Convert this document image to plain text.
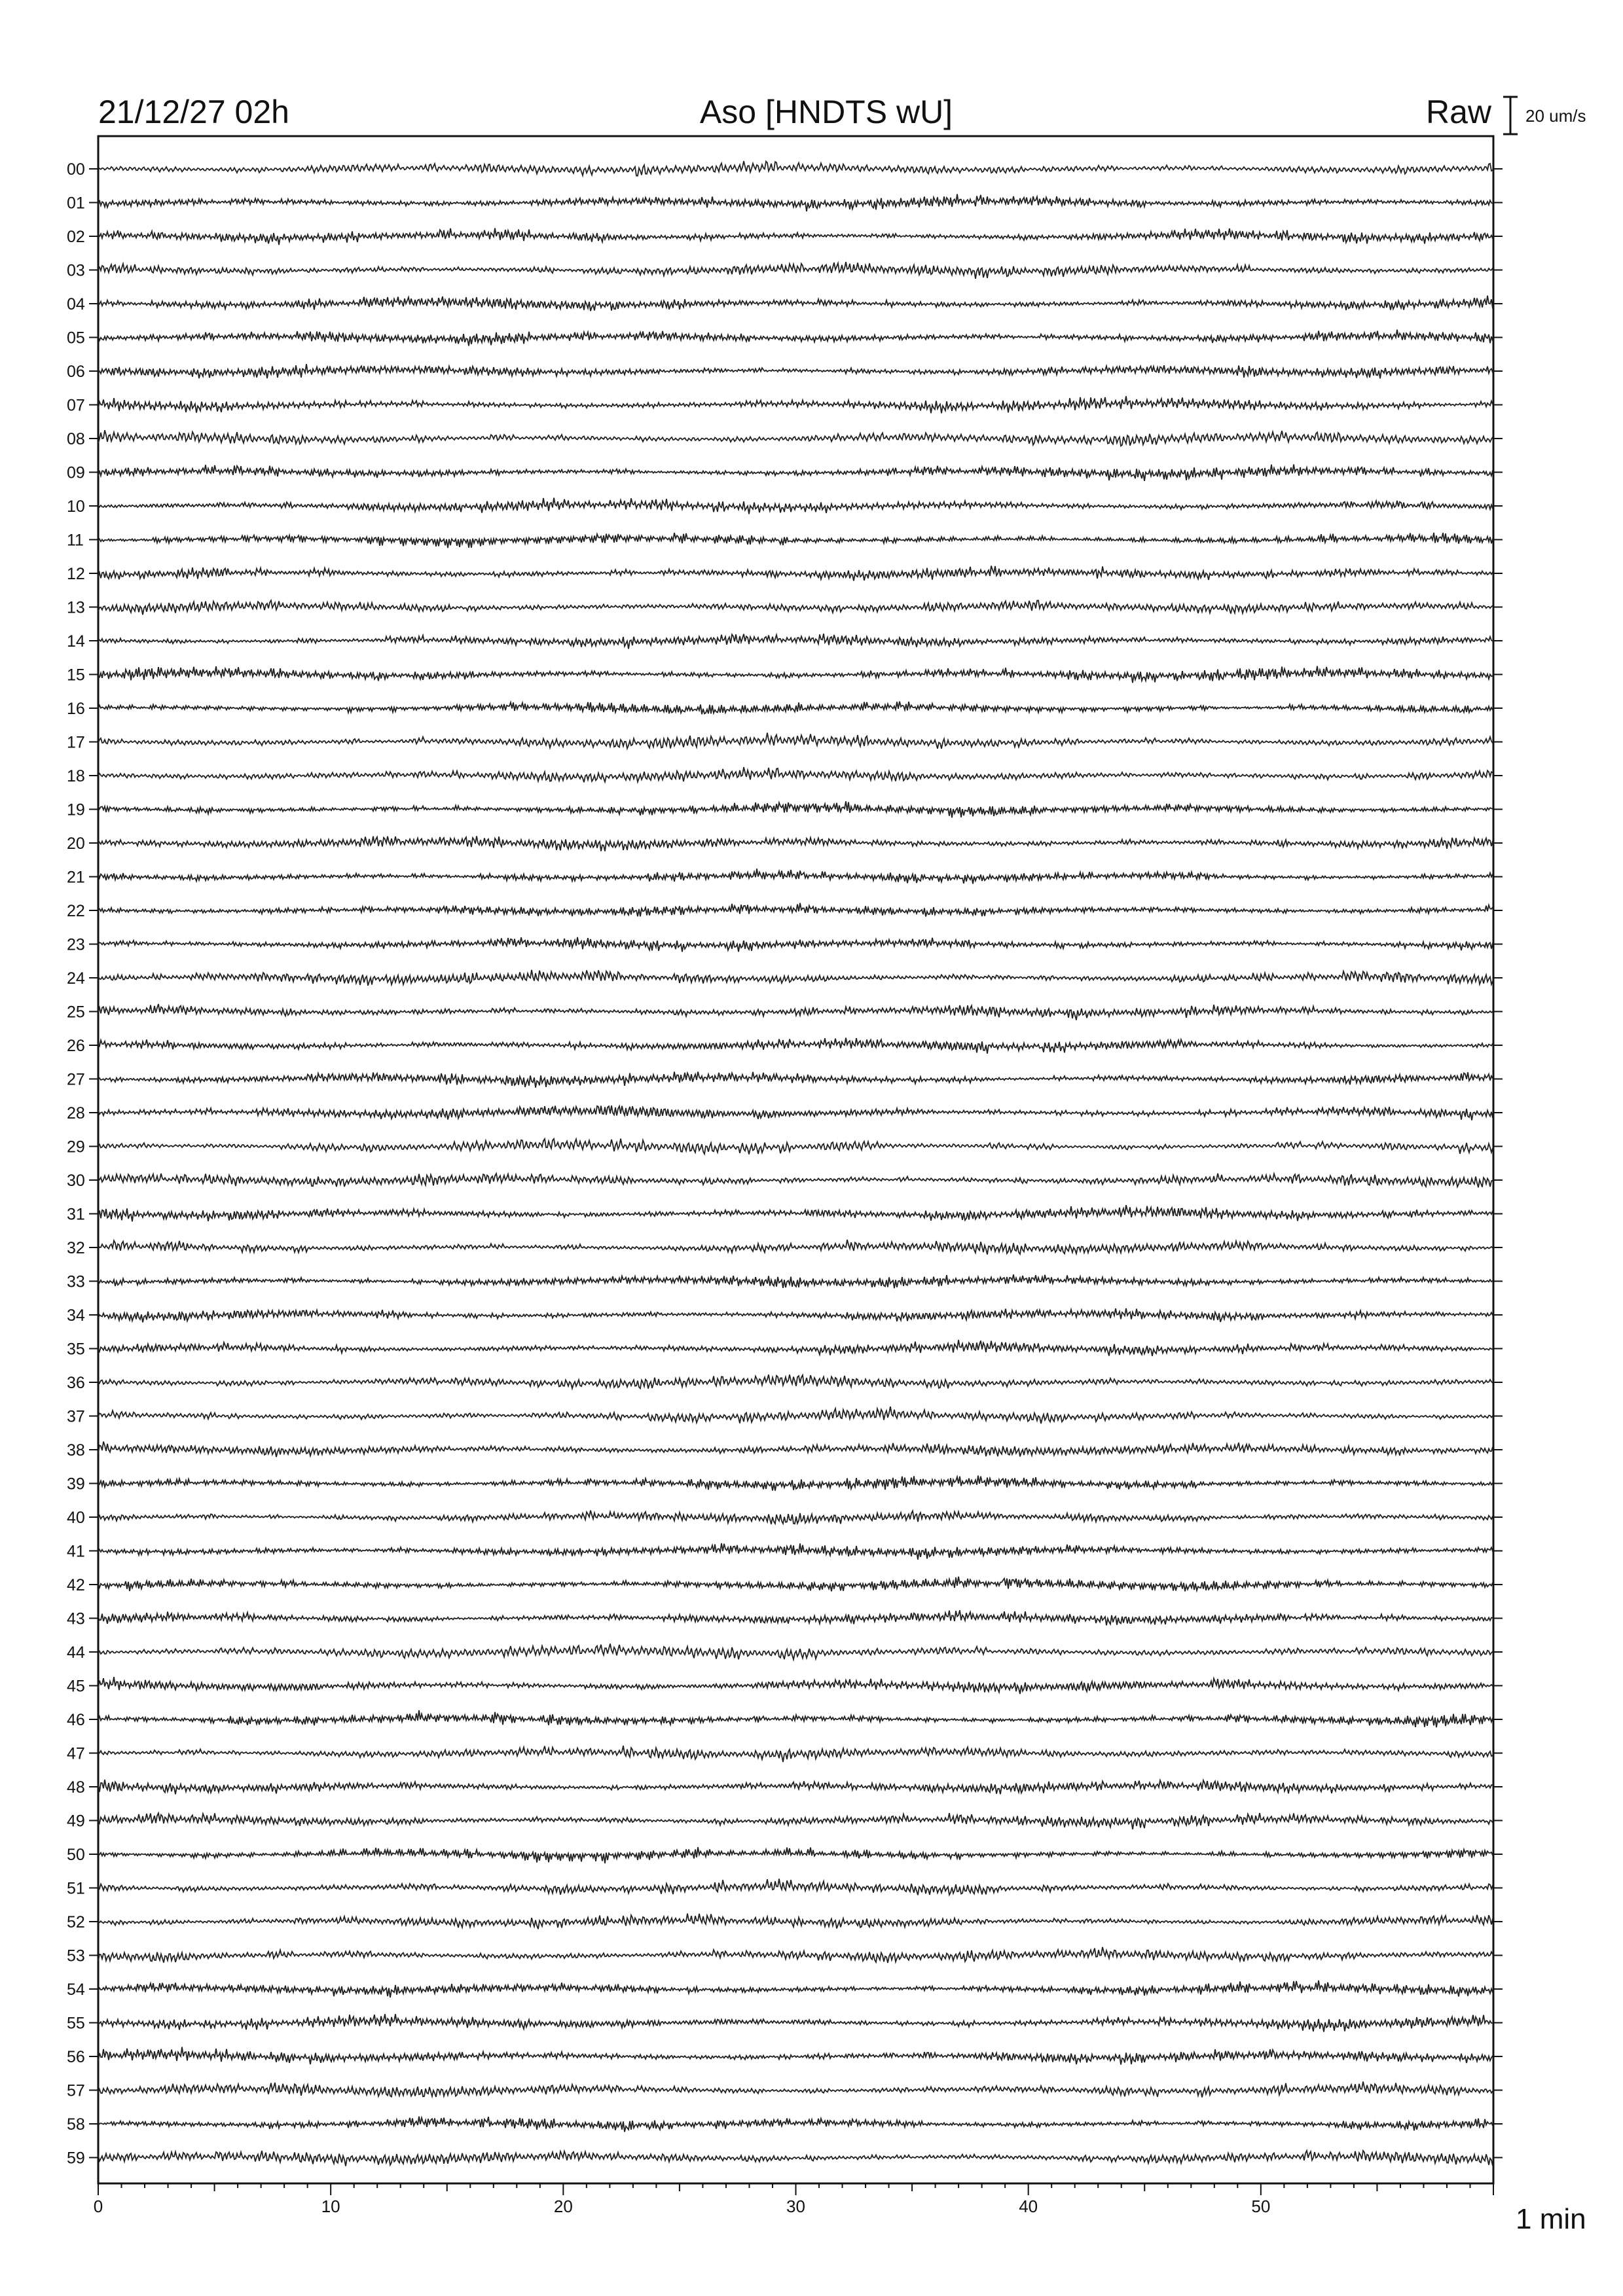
21/12/27 02h	Aso [HNDTS wU]	Raw 20 um/s
00
01
02
03
04
05
06
07
08
09
10
11
12
13
14
15
16
17
18
19
20
21
22
23
24
25
26
27
28
29
30
31
32
33
34
35
36
37
38
39
40
41
42
43
44
45
46
47
48
49
50
51
52
53
54
55
56
57
58
59
0	10	20	30	40	50	1 min
